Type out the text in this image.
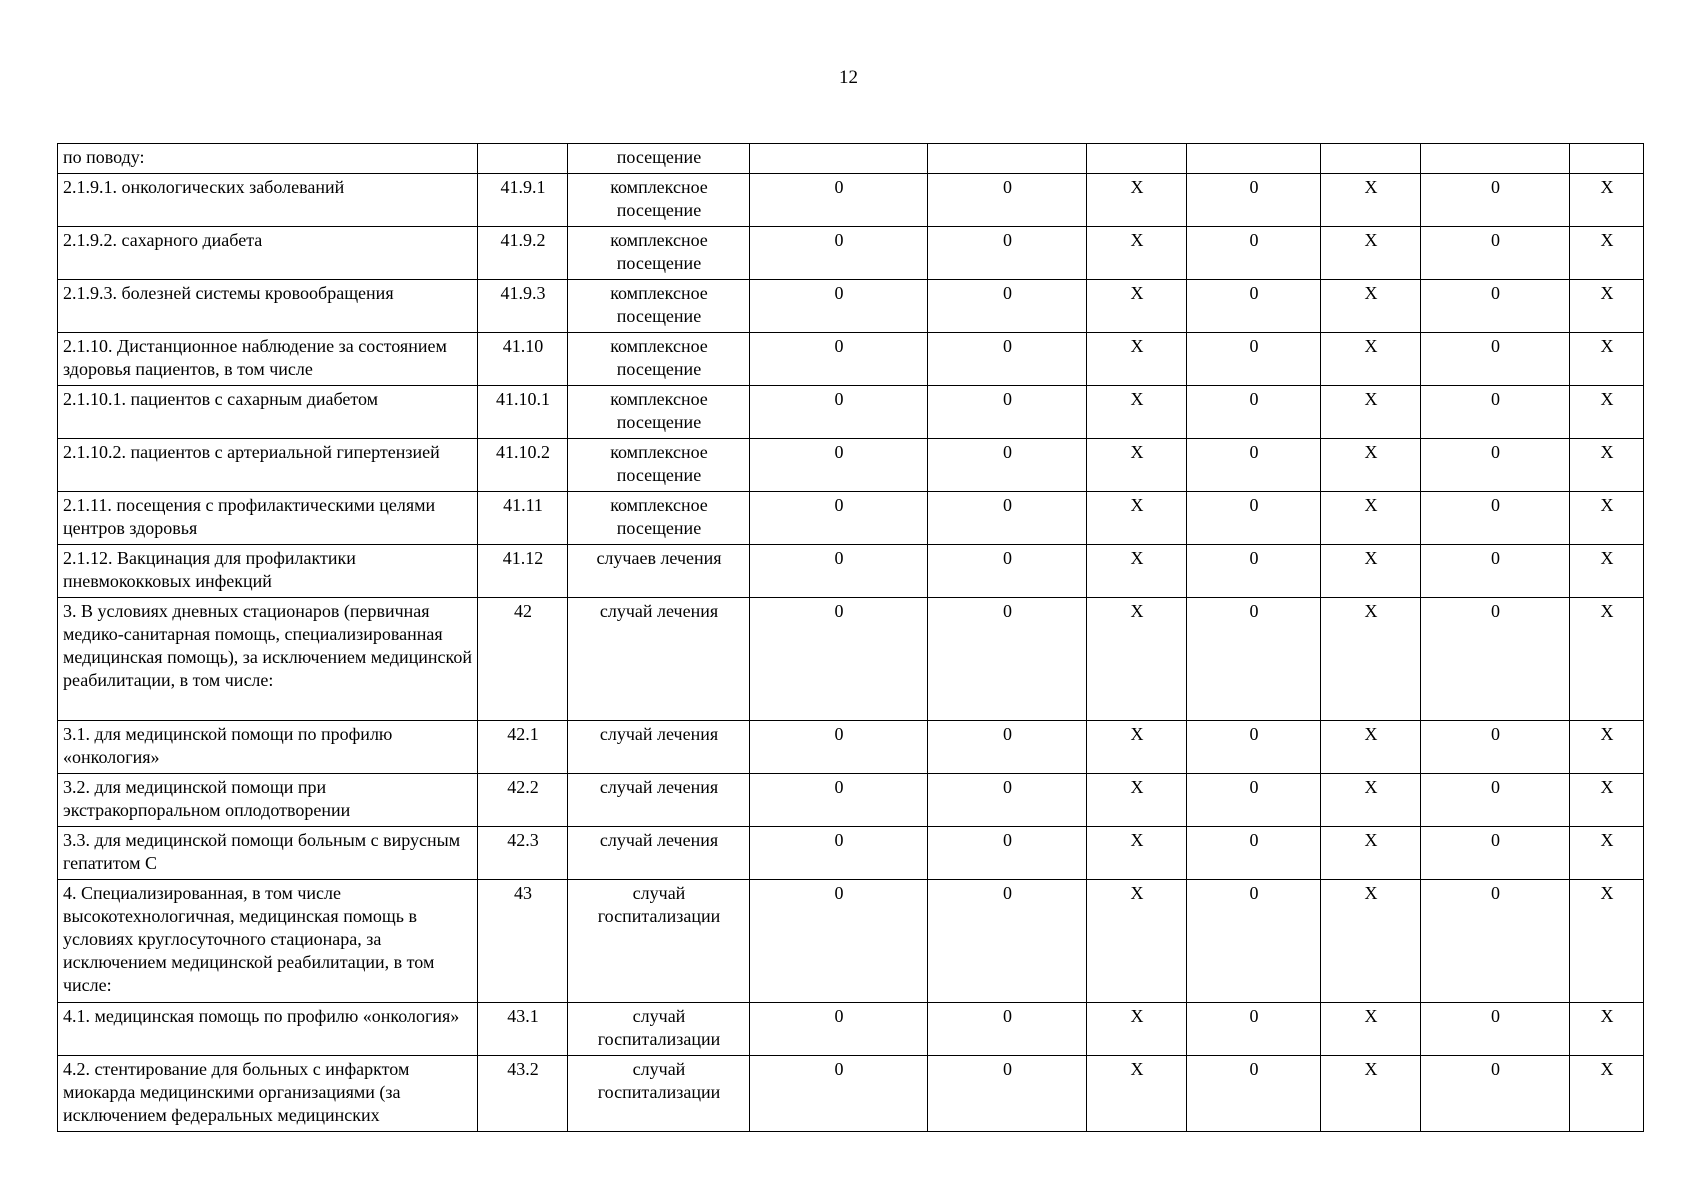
12
по поводу:		посещение							
2.1.9.1. онкологических заболеваний	41.9.1	комплексное посещение	0	0	Х	0	Х	0	Х
2.1.9.2. сахарного диабета	41.9.2	комплексное посещение	0	0	Х	0	Х	0	Х
2.1.9.3. болезней системы кровообращения	41.9.3	комплексное посещение	0	0	Х	0	Х	0	Х
2.1.10. Дистанционное наблюдение за состоянием здоровья пациентов, в том числе	41.10	комплексное посещение	0	0	Х	0	Х	0	Х
2.1.10.1. пациентов с сахарным диабетом	41.10.1	комплексное посещение	0	0	Х	0	Х	0	Х
2.1.10.2. пациентов с артериальной гипертензией	41.10.2	комплексное посещение	0	0	Х	0	Х	0	Х
2.1.11. посещения с профилактическими целями центров здоровья	41.11	комплексное посещение	0	0	Х	0	Х	0	Х
2.1.12. Вакцинация для профилактики пневмококковых инфекций	41.12	случаев лечения	0	0	Х	0	Х	0	Х
3. В условиях дневных стационаров (первичная медико-санитарная помощь, специализированная медицинская помощь), за исключением медицинской реабилитации, в том числе:	42	случай лечения	0	0	Х	0	Х	0	Х
3.1. для медицинской помощи по профилю «онкология»	42.1	случай лечения	0	0	Х	0	Х	0	Х
3.2. для медицинской помощи при экстракорпоральном оплодотворении	42.2	случай лечения	0	0	Х	0	Х	0	Х
3.3. для медицинской помощи больным с вирусным гепатитом С	42.3	случай лечения	0	0	Х	0	Х	0	Х
4. Специализированная, в том числе высокотехнологичная, медицинская помощь в условиях круглосуточного стационара, за исключением медицинской реабилитации, в том числе:	43	случай госпитализации	0	0	Х	0	Х	0	Х
4.1. медицинская помощь по профилю «онкология»	43.1	случай госпитализации	0	0	Х	0	Х	0	Х
4.2. стентирование для больных с инфарктом миокарда медицинскими организациями (за исключением федеральных медицинских	43.2	случай госпитализации	0	0	Х	0	Х	0	Х
